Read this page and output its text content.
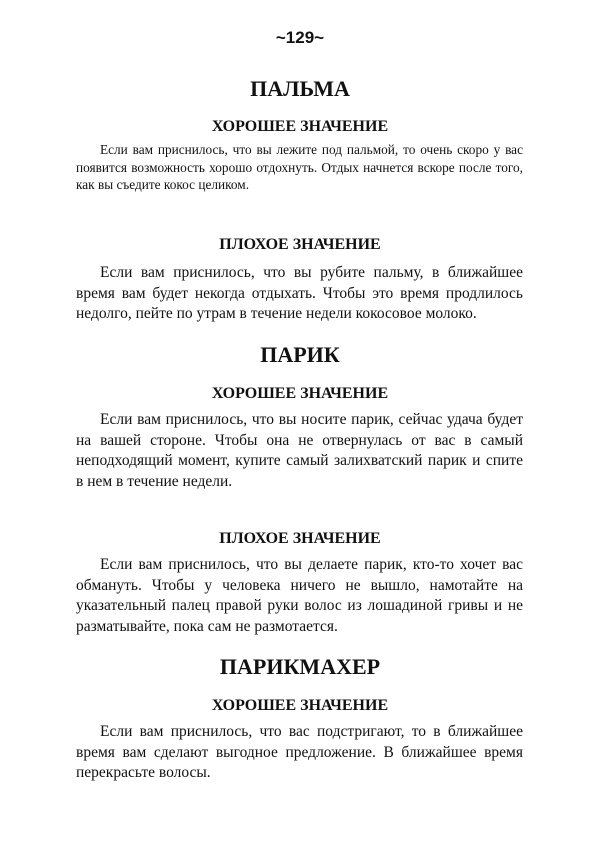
~129~
ПАЛЬМА
ХОРОШЕЕ ЗНАЧЕНИЕ
Если вам приснилось, что вы лежите под пальмой, то очень скоро у вас появится возможность хорошо отдохнуть. Отдых начнется вскоре после того, как вы съедите кокос целиком.
ПЛОХОЕ ЗНАЧЕНИЕ
Если вам приснилось, что вы рубите пальму, в ближайшее время вам будет некогда отдыхать. Чтобы это время продлилось недолго, пейте по утрам в течение недели кокосовое молоко.
ПАРИК
ХОРОШЕЕ ЗНАЧЕНИЕ
Если вам приснилось, что вы носите парик, сейчас удача будет на вашей стороне. Чтобы она не отвернулась от вас в самый неподходящий момент, купите самый залихватский парик и спите в нем в течение недели.
ПЛОХОЕ ЗНАЧЕНИЕ
Если вам приснилось, что вы делаете парик, кто-то хочет вас обмануть. Чтобы у человека ничего не вышло, намотайте на указательный палец правой руки волос из лошадиной гривы и не разматывайте, пока сам не размотается.
ПАРИКМАХЕР
ХОРОШЕЕ ЗНАЧЕНИЕ
Если вам приснилось, что вас подстригают, то в ближайшее время вам сделают выгодное предложение. В ближайшее время перекрасьте волосы.
